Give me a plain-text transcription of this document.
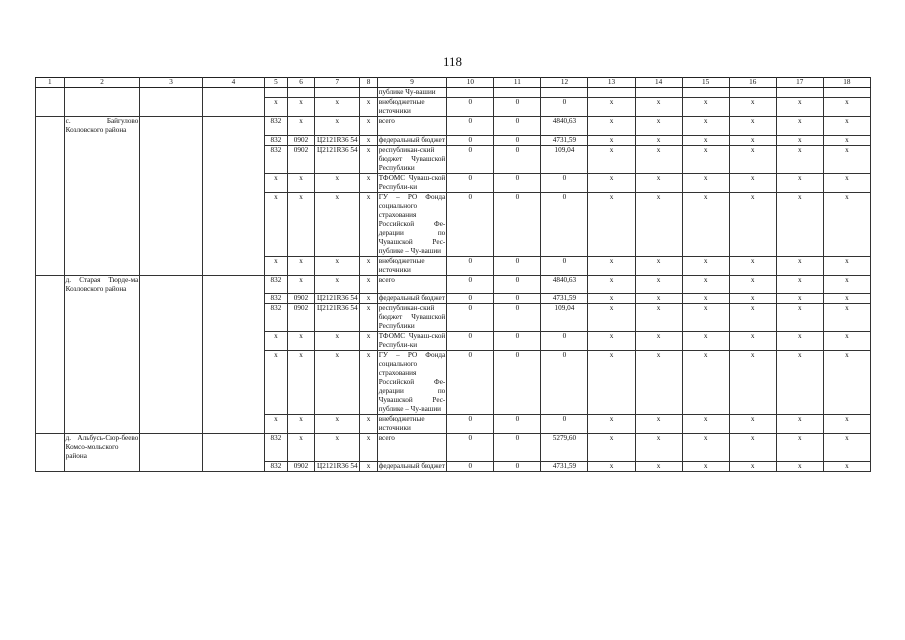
118
1	2	3	4	5	6	7	8	9	10	11	12	13	14	15	16	17	18
								публике Чу-вашии									
				x	x	x	x	внебюджетные источники	0	0	0	x	x	x	x	x	x
	с. Байгулово Козловского района			832	x	x	x	всего	0	0	4840,63	x	x	x	x	x	x
				832	0902	Ц2121R36 54	x	федеральный бюджет	0	0	4731,59	x	x	x	x	x	x
				832	0902	Ц2121R36 54	x	республикан-ский бюджет Чувашской Республики	0	0	109,04	x	x	x	x	x	x
				x	x	x	x	ТФОМС Чуваш-ской Республи-ки	0	0	0	x	x	x	x	x	x
				x	x	x	x	ГУ – РО Фонда социального страхования Российской Фе-дерации по Чувашской Рес-публике – Чу-вашии	0	0	0	x	x	x	x	x	x
				x	x	x	x	внебюджетные источники	0	0	0	x	x	x	x	x	x
	д. Старая Тюрде-ма Козловского района			832	x	x	x	всего	0	0	4840,63	x	x	x	x	x	x
				832	0902	Ц2121R36 54	x	федеральный бюджет	0	0	4731,59	x	x	x	x	x	x
				832	0902	Ц2121R36 54	x	республикан-ский бюджет Чувашской Республики	0	0	109,04	x	x	x	x	x	x
				x	x	x	x	ТФОМС Чуваш-ской Республи-ки	0	0	0	x	x	x	x	x	x
				x	x	x	x	ГУ – РО Фонда социального страхования Российской Фе-дерации по Чувашской Рес-публике – Чу-вашии	0	0	0	x	x	x	x	x	x
				x	x	x	x	внебюджетные источники	0	0	0	x	x	x	x	x	x
	д. Альбусь-Сюр-беево Комсо-мольского района			832	x	x	x	всего	0	0	5279,60	x	x	x	x	x	x
				832	0902	Ц2121R36 54	x	федеральный бюджет	0	0	4731,59	x	x	x	x	x	x
